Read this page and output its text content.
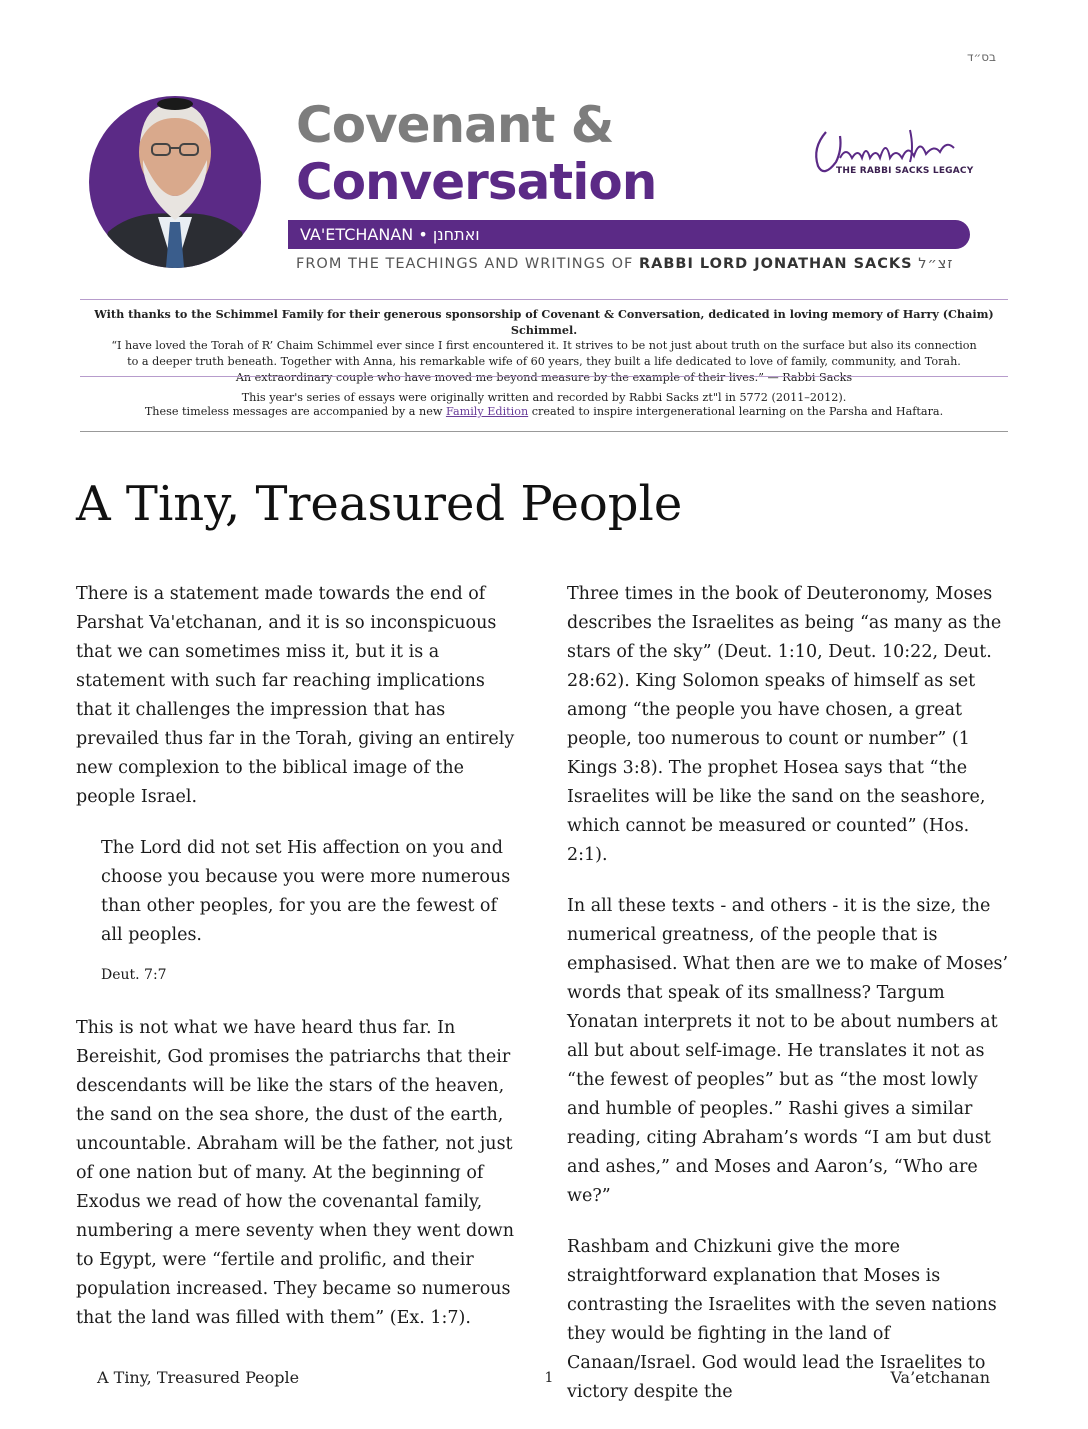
בס״ד
Covenant &
Conversation	THE RABBI SACKS LEGACY
VA'ETCHANAN • ואתחנן
FROM THE TEACHINGS AND WRITINGS OF RABBI LORD JONATHAN SACKS זצ״ל
With thanks to the Schimmel Family for their generous sponsorship of Covenant & Conversation, dedicated in loving memory of Harry (Chaim) Schimmel.
“I have loved the Torah of R’ Chaim Schimmel ever since I first encountered it. It strives to be not just about truth on the surface but also its connection
to a deeper truth beneath. Together with Anna, his remarkable wife of 60 years, they built a life dedicated to love of family, community, and Torah.
An extraordinary couple who have moved me beyond measure by the example of their lives.” — Rabbi Sacks
This year's series of essays were originally written and recorded by Rabbi Sacks zt"l in 5772 (2011–2012).
These timeless messages are accompanied by a new Family Edition created to inspire intergenerational learning on the Parsha and Haftara.
A Tiny, Treasured People

There is a statement made towards the end of Parshat Va'etchanan, and it is so inconspicuous that we can sometimes miss it, but it is a statement with such far reaching implications that it challenges the impression that has prevailed thus far in the Torah, giving an entirely new complexion to the biblical image of the people Israel.

The Lord did not set His affection on you and choose you because you were more numerous than other peoples, for you are the fewest of all peoples.

Deut. 7:7

This is not what we have heard thus far. In Bereishit, God promises the patriarchs that their descendants will be like the stars of the heaven, the sand on the sea shore, the dust of the earth, uncountable. Abraham will be the father, not just of one nation but of many. At the beginning of Exodus we read of how the covenantal family, numbering a mere seventy when they went down to Egypt, were “fertile and prolific, and their population increased. They became so numerous that the land was filled with them” (Ex. 1:7).

Three times in the book of Deuteronomy, Moses describes the Israelites as being “as many as the stars of the sky” (Deut. 1:10, Deut. 10:22, Deut. 28:62). King Solomon speaks of himself as set among “the people you have chosen, a great people, too numerous to count or number” (1 Kings 3:8). The prophet Hosea says that “the Israelites will be like the sand on the seashore, which cannot be measured or counted” (Hos. 2:1).

In all these texts - and others - it is the size, the numerical greatness, of the people that is emphasised. What then are we to make of Moses’ words that speak of its smallness? Targum Yonatan interprets it not to be about numbers at all but about self-image. He translates it not as “the fewest of peoples” but as “the most lowly and humble of peoples.” Rashi gives a similar reading, citing Abraham’s words “I am but dust and ashes,” and Moses and Aaron’s, “Who are we?”

Rashbam and Chizkuni give the more straightforward explanation that Moses is contrasting the Israelites with the seven nations they would be fighting in the land of Canaan/Israel. God would lead the Israelites to victory despite the

A Tiny, Treasured People	1	Va’etchanan
